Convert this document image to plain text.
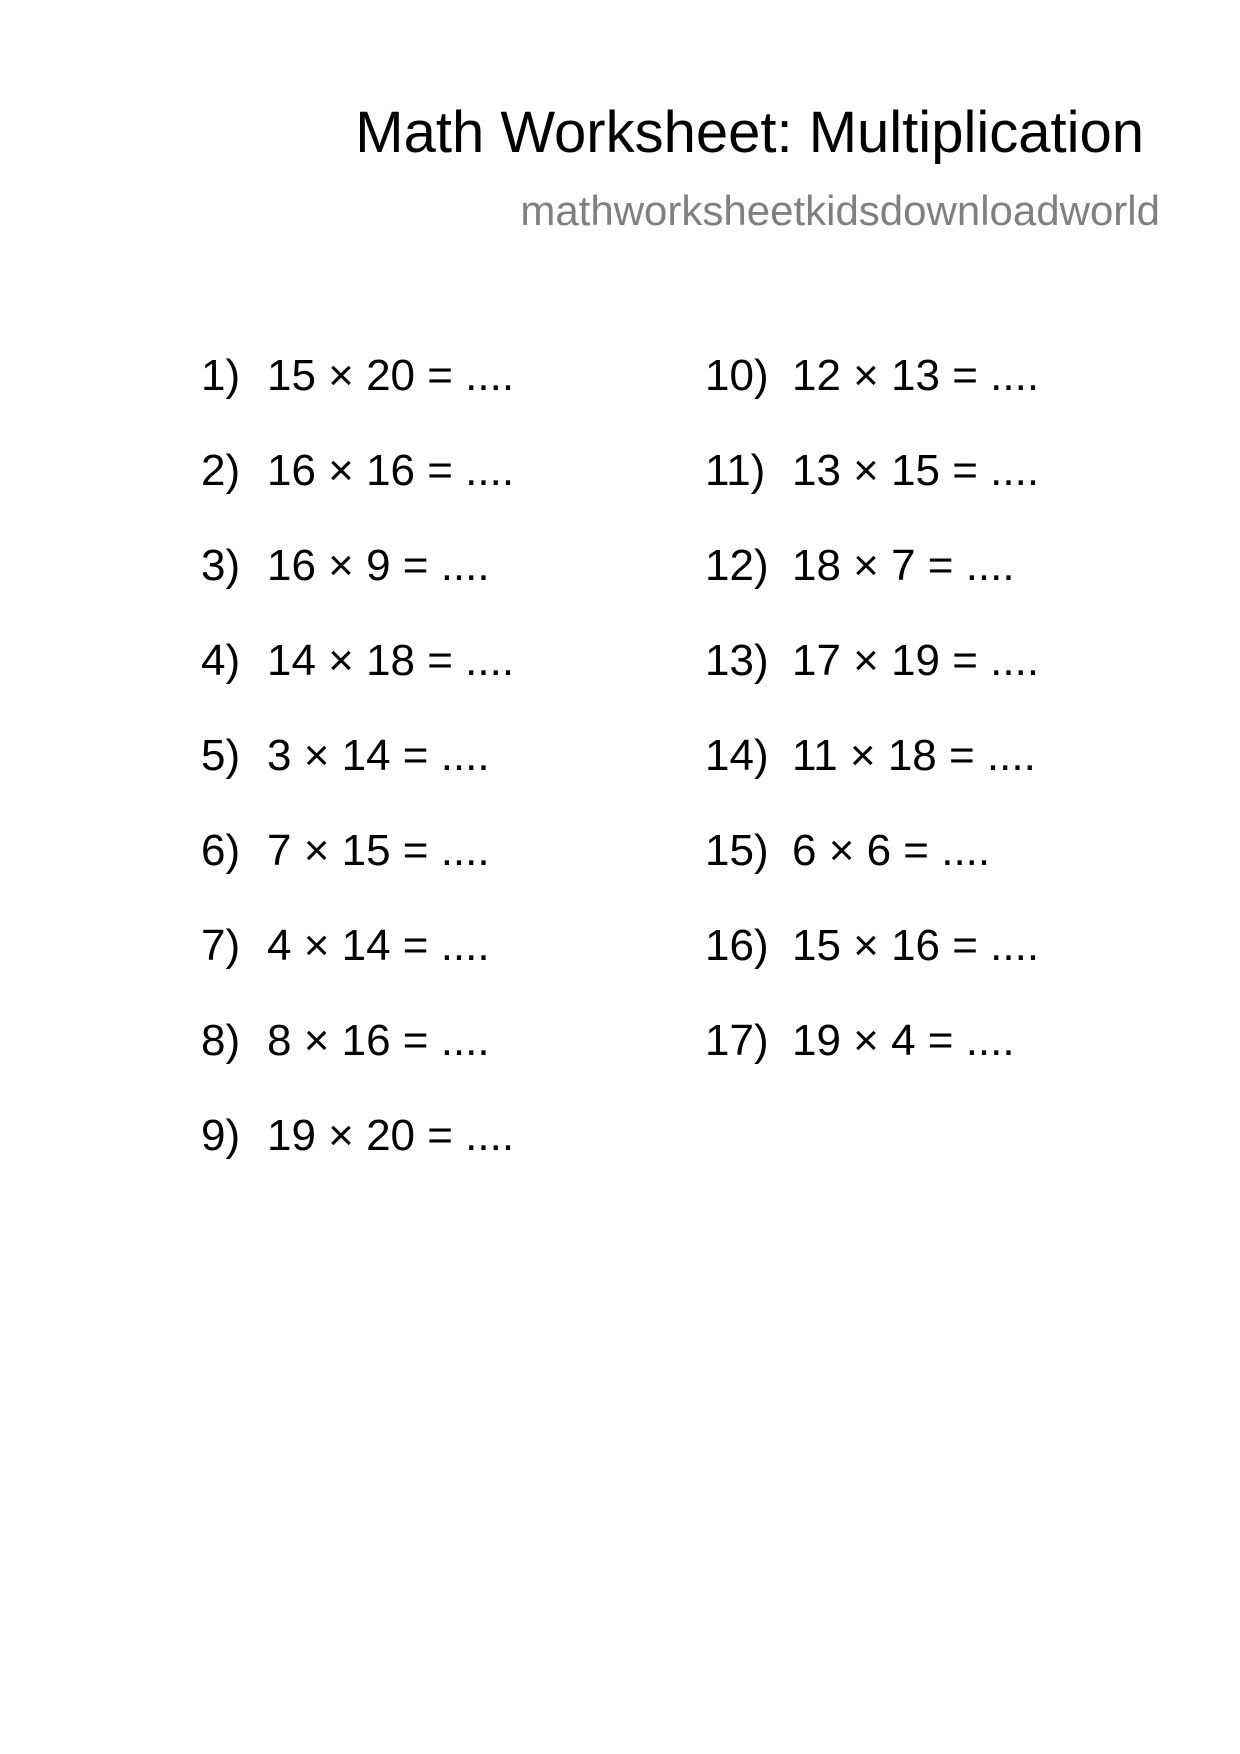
Math Worksheet: Multiplication
mathworksheetkidsdownloadworld
1) 15 × 20 = ....
2) 16 × 16 = ....
3) 16 × 9 = ....
4) 14 × 18 = ....
5) 3 × 14 = ....
6) 7 × 15 = ....
7) 4 × 14 = ....
8) 8 × 16 = ....
9) 19 × 20 = ....
10) 12 × 13 = ....
11) 13 × 15 = ....
12) 18 × 7 = ....
13) 17 × 19 = ....
14) 11 × 18 = ....
15) 6 × 6 = ....
16) 15 × 16 = ....
17) 19 × 4 = ....
